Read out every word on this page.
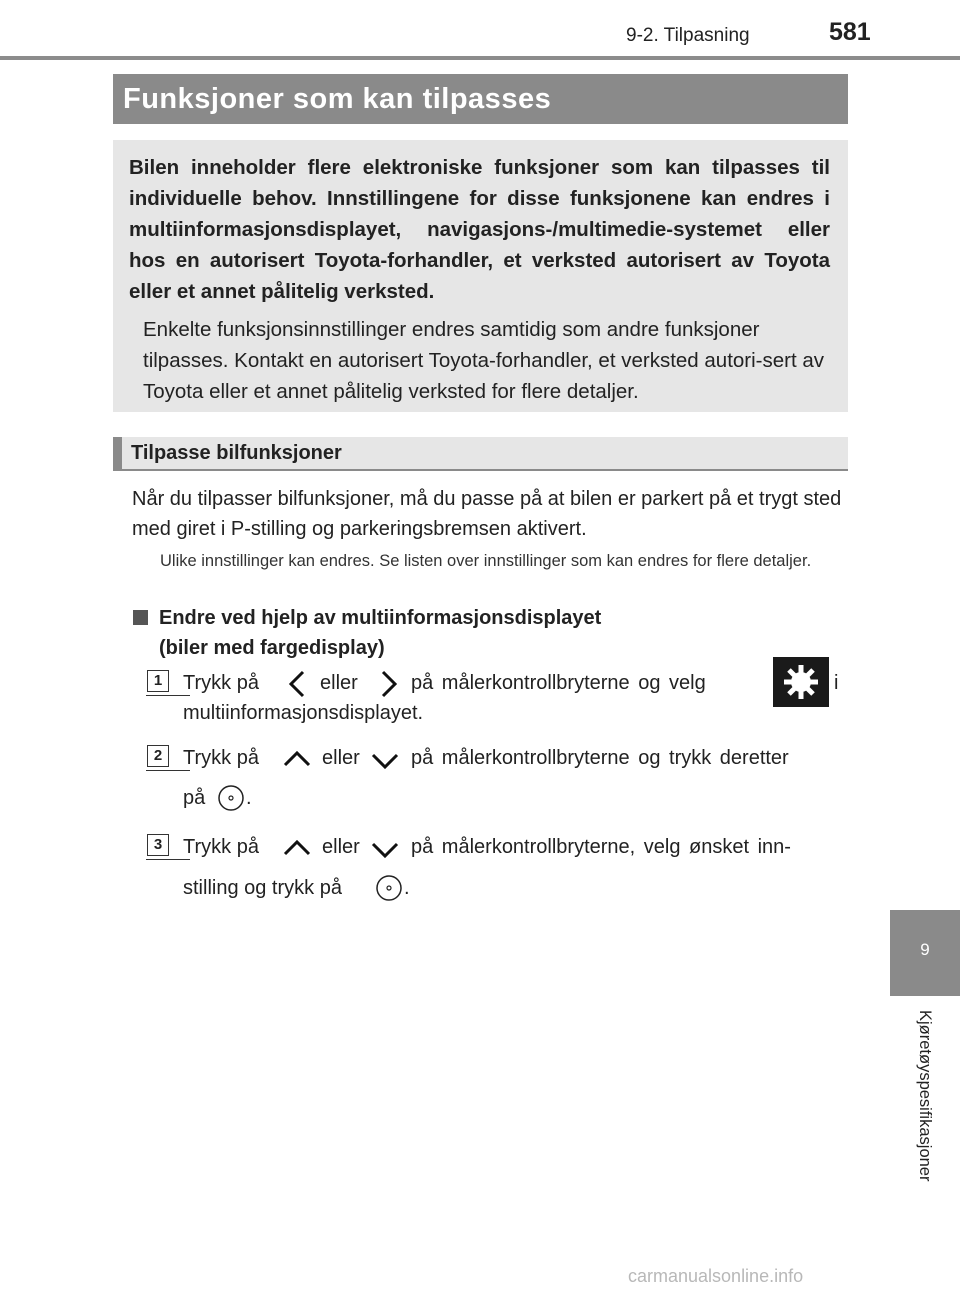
9-2. Tilpasning	581
Funksjoner som kan tilpasses
Bilen inneholder flere elektroniske funksjoner som kan tilpasses til individuelle behov. Innstillingene for disse funksjonene kan endres i multiinformasjonsdisplayet, navigasjons-/multimedie-systemet eller hos en autorisert Toyota-forhandler, et verksted autorisert av Toyota eller et annet pålitelig verksted.
Enkelte funksjonsinnstillinger endres samtidig som andre funksjoner tilpasses. Kontakt en autorisert Toyota-forhandler, et verksted autori-sert av Toyota eller et annet pålitelig verksted for flere detaljer.
Tilpasse bilfunksjoner
Når du tilpasser bilfunksjoner, må du passe på at bilen er parkert på et trygt sted med giret i P-stilling og parkeringsbremsen aktivert.
Ulike innstillinger kan endres. Se listen over innstillinger som kan endres for flere detaljer.
Endre ved hjelp av multiinformasjonsdisplayet
(biler med fargedisplay)
1	Trykk på	eller	på målerkontrollbryterne og velg	i
multiinformasjonsdisplayet.
2	Trykk på	eller	på målerkontrollbryterne og trykk deretter
på .
3	Trykk på	eller	på målerkontrollbryterne, velg ønsket inn-
stilling og trykk på	.
9
Kjøretøyspesifikasjoner
carmanualsonline.info
